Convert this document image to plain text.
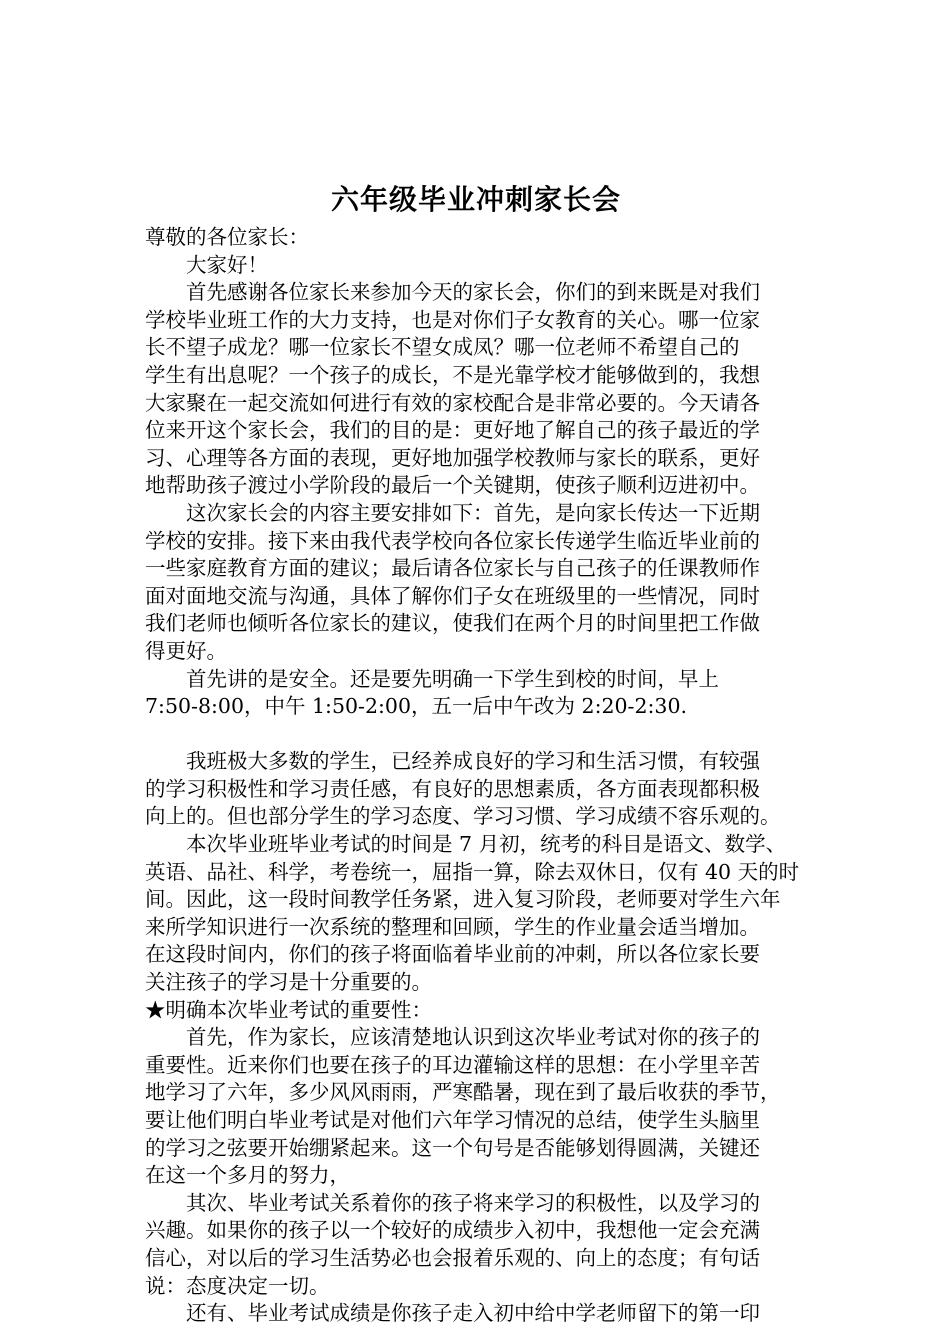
六年级毕业冲刺家长会
尊敬的各位家长：
　　大家好！
　　首先感谢各位家长来参加今天的家长会，你们的到来既是对我们
学校毕业班工作的大力支持，也是对你们子女教育的关心。哪一位家
长不望子成龙？哪一位家长不望女成凤？哪一位老师不希望自己的
学生有出息呢？一个孩子的成长，不是光靠学校才能够做到的，我想
大家聚在一起交流如何进行有效的家校配合是非常必要的。今天请各
位来开这个家长会，我们的目的是：更好地了解自己的孩子最近的学
习、心理等各方面的表现，更好地加强学校教师与家长的联系，更好
地帮助孩子渡过小学阶段的最后一个关键期，使孩子顺利迈进初中。
　　这次家长会的内容主要安排如下：首先，是向家长传达一下近期
学校的安排。接下来由我代表学校向各位家长传递学生临近毕业前的
一些家庭教育方面的建议；最后请各位家长与自己孩子的任课教师作
面对面地交流与沟通，具体了解你们子女在班级里的一些情况，同时
我们老师也倾听各位家长的建议，使我们在两个月的时间里把工作做
得更好。
　　首先讲的是安全。还是要先明确一下学生到校的时间，早上
7:50-8:00，中午 1:50-2:00，五一后中午改为 2:20-2:30.
　　我班极大多数的学生，已经养成良好的学习和生活习惯，有较强
的学习积极性和学习责任感，有良好的思想素质，各方面表现都积极
向上的。但也部分学生的学习态度、学习习惯、学习成绩不容乐观的。
　　本次毕业班毕业考试的时间是 7 月初，统考的科目是语文、数学、
英语、品社、科学，考卷统一，屈指一算，除去双休日，仅有 40 天的时
间。因此，这一段时间教学任务紧，进入复习阶段，老师要对学生六年
来所学知识进行一次系统的整理和回顾，学生的作业量会适当增加。
在这段时间内，你们的孩子将面临着毕业前的冲刺，所以各位家长要
关注孩子的学习是十分重要的。
★明确本次毕业考试的重要性：
　　首先，作为家长，应该清楚地认识到这次毕业考试对你的孩子的
重要性。近来你们也要在孩子的耳边灌输这样的思想：在小学里辛苦
地学习了六年，多少风风雨雨，严寒酷暑，现在到了最后收获的季节，
要让他们明白毕业考试是对他们六年学习情况的总结，使学生头脑里
的学习之弦要开始绷紧起来。这一个句号是否能够划得圆满，关键还
在这一个多月的努力，
　　其次、毕业考试关系着你的孩子将来学习的积极性，以及学习的
兴趣。如果你的孩子以一个较好的成绩步入初中，我想他一定会充满
信心，对以后的学习生活势必也会报着乐观的、向上的态度；有句话
说：态度决定一切。
　　还有、毕业考试成绩是你孩子走入初中给中学老师留下的第一印
